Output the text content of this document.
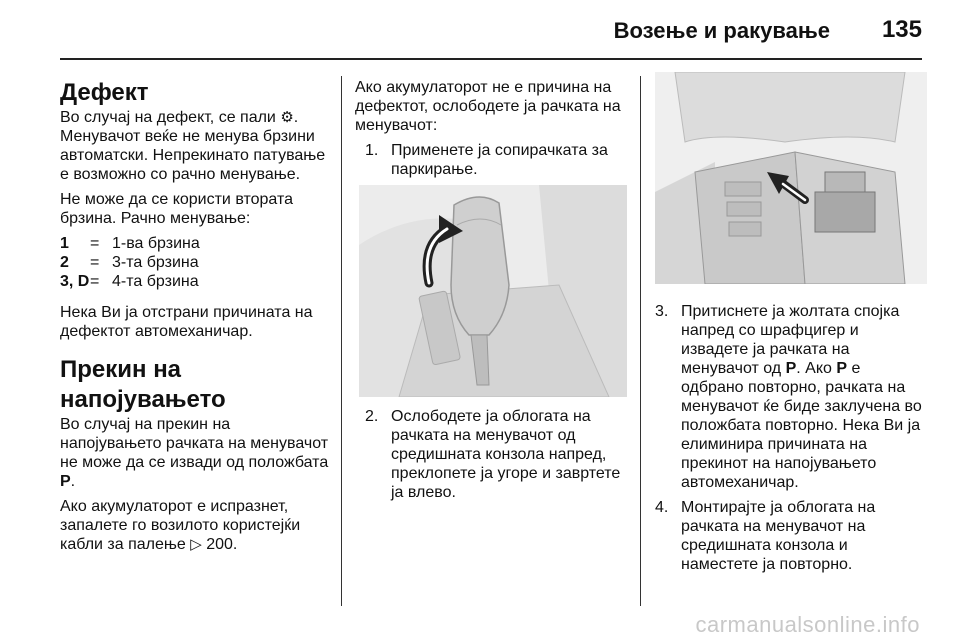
Возење и ракување 135
Дефект

Во случај на дефект, се пали ⚙︎. Менувачот веќе не менува брзини автоматски. Непрекинато патување е возможно со рачно менување.

Не може да се користи втората брзина. Рачно менување:

1	= 1-ва брзина
2	= 3-та брзина
3, D = 4-та брзина

Нека Ви ја отстрани причината на дефектот автомеханичар.

Прекин на напојувањето

Во случај на прекин на напојувањето рачката на менувачот не може да се извади од положбата P.

Ако акумулаторот е испразнет, запалете го возилото користејќи кабли за палење ▷ 200.

Ако акумулаторот не е причина на дефектот, ослободете ја рачката на менувачот:

1. Применете ја сопирачката за паркирање.
2. Ослободете ја облогата на рачката на менувачот од средишната конзола напред, преклопете ја угоре и завртете ја влево.
3. Притиснете ја жолтата спојка напред со шрафцигер и извадете ја рачката на менувачот од P. Ако P е одбрано повторно, рачката на менувачот ќе биде заклучена во положбата повторно. Нека Ви ја елиминира причината на прекинот на напојувањето автомеханичар.
4. Монтирајте ја облогата на рачката на менувачот на средишната конзола и наместете ја повторно.
carmanualsonline.info
